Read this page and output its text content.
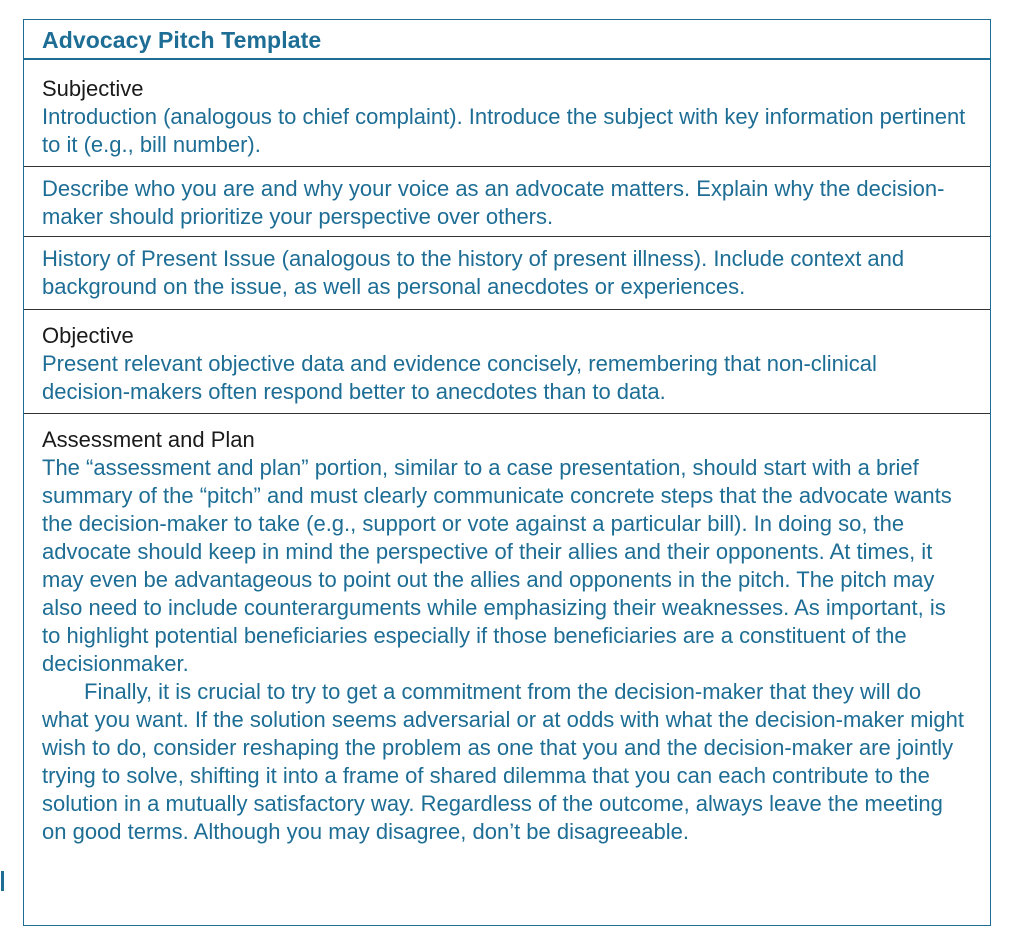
Advocacy Pitch Template

Subjective

Introduction (analogous to chief complaint). Introduce the subject with key information pertinent to it (e.g., bill number).

Describe who you are and why your voice as an advocate matters. Explain why the decision-maker should prioritize your perspective over others.

History of Present Issue (analogous to the history of present illness). Include context and background on the issue, as well as personal anecdotes or experiences.

Objective

Present relevant objective data and evidence concisely, remembering that non-clinical decision-makers often respond better to anecdotes than to data.

Assessment and Plan

The “assessment and plan” portion, similar to a case presentation, should start with a brief summary of the “pitch” and must clearly communicate concrete steps that the advocate wants the decision-maker to take (e.g., support or vote against a particular bill). In doing so, the advocate should keep in mind the perspective of their allies and their opponents. At times, it may even be advantageous to point out the allies and opponents in the pitch. The pitch may also need to include counterarguments while emphasizing their weaknesses. As important, is to highlight potential beneficiaries especially if those beneficiaries are a constituent of the decisionmaker.

Finally, it is crucial to try to get a commitment from the decision-maker that they will do what you want. If the solution seems adversarial or at odds with what the decision-maker might wish to do, consider reshaping the problem as one that you and the decision-maker are jointly trying to solve, shifting it into a frame of shared dilemma that you can each contribute to the solution in a mutually satisfactory way. Regardless of the outcome, always leave the meeting on good terms. Although you may disagree, don’t be disagreeable.
